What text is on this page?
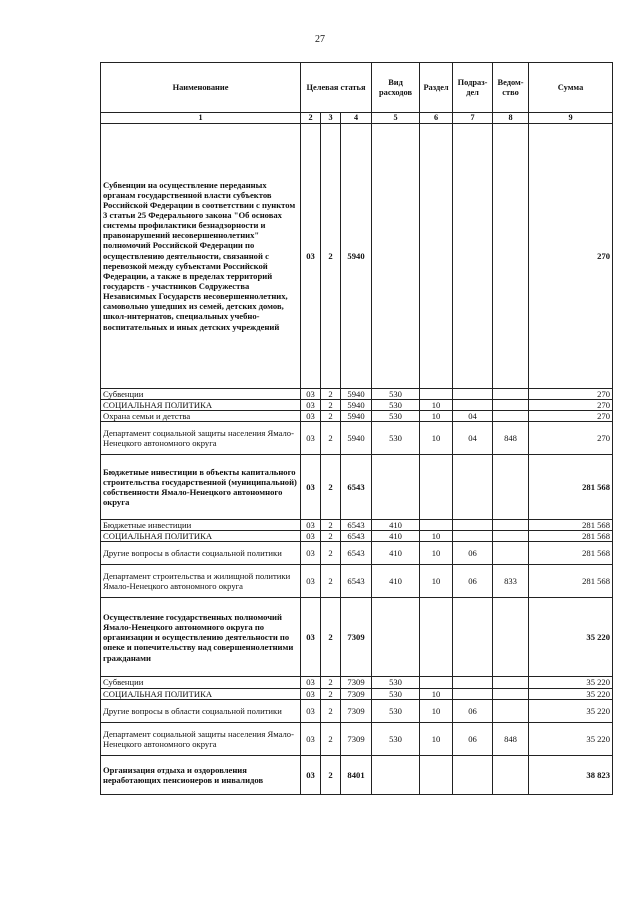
27
Наименование	Целевая статья			Вид расходов	Раздел	Подраз-дел	Ведом-ство	Сумма
1	2	3	4	5	6	7	8	9
Субвенции на осуществление переданных органам государственной власти субъектов Российской Федерации в соответствии с пунктом 3 статьи 25 Федерального закона "Об основах системы профилактики безнадзорности и правонарушений несовершеннолетних" полномочий Российской Федерации по осуществлению деятельности, связанной с перевозкой между субъектами Российской Федерации, а также в пределах территорий государств - участников Содружества Независимых Государств несовершеннолетних, самовольно ушедших из семей, детских домов, школ-интернатов, специальных учебно-воспитательных и иных детских учреждений	03	2	5940					270
Субвенции	03	2	5940	530				270
СОЦИАЛЬНАЯ ПОЛИТИКА	03	2	5940	530	10			270
Охрана семьи и детства	03	2	5940	530	10	04		270
Департамент социальной защиты населения Ямало-Ненецкого автономного округа	03	2	5940	530	10	04	848	270
Бюджетные инвестиции в объекты капитального строительства государственной (муниципальной) собственности Ямало-Ненецкого автономного округа	03	2	6543					281 568
Бюджетные инвестиции	03	2	6543	410				281 568
СОЦИАЛЬНАЯ ПОЛИТИКА	03	2	6543	410	10			281 568
Другие вопросы в области социальной политики	03	2	6543	410	10	06		281 568
Департамент строительства и жилищной политики Ямало-Ненецкого автономного округа	03	2	6543	410	10	06	833	281 568
Осуществление государственных полномочий Ямало-Ненецкого автономного округа по организации и осуществлению деятельности по опеке и попечительству над совершеннолетними гражданами	03	2	7309					35 220
Субвенции	03	2	7309	530				35 220
СОЦИАЛЬНАЯ ПОЛИТИКА	03	2	7309	530	10			35 220
Другие вопросы в области социальной политики	03	2	7309	530	10	06		35 220
Департамент социальной защиты населения Ямало-Ненецкого автономного округа	03	2	7309	530	10	06	848	35 220
Организация отдыха и оздоровления неработающих пенсионеров и инвалидов	03	2	8401					38 823
